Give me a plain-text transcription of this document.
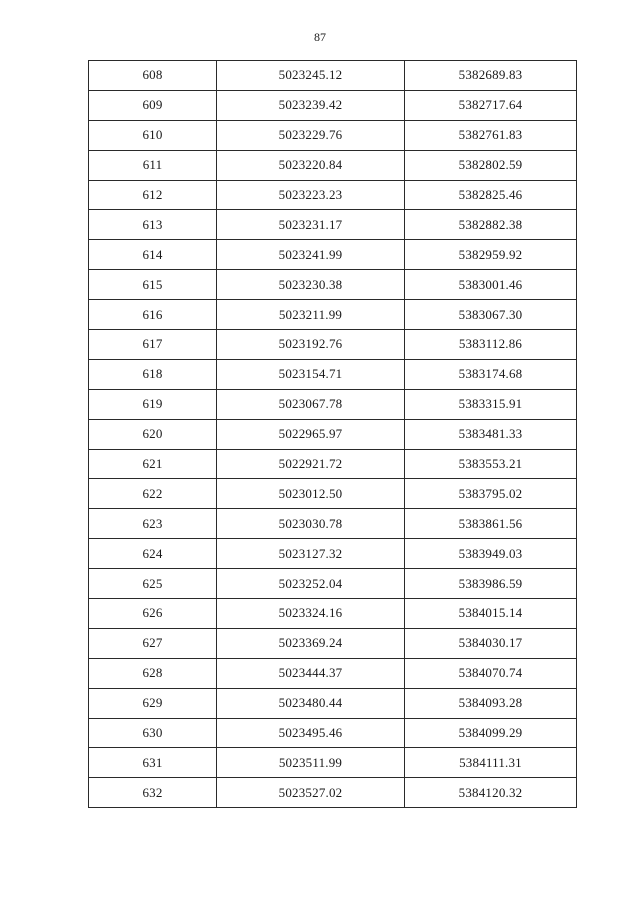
87
608	5023245.12	5382689.83
609	5023239.42	5382717.64
610	5023229.76	5382761.83
611	5023220.84	5382802.59
612	5023223.23	5382825.46
613	5023231.17	5382882.38
614	5023241.99	5382959.92
615	5023230.38	5383001.46
616	5023211.99	5383067.30
617	5023192.76	5383112.86
618	5023154.71	5383174.68
619	5023067.78	5383315.91
620	5022965.97	5383481.33
621	5022921.72	5383553.21
622	5023012.50	5383795.02
623	5023030.78	5383861.56
624	5023127.32	5383949.03
625	5023252.04	5383986.59
626	5023324.16	5384015.14
627	5023369.24	5384030.17
628	5023444.37	5384070.74
629	5023480.44	5384093.28
630	5023495.46	5384099.29
631	5023511.99	5384111.31
632	5023527.02	5384120.32
